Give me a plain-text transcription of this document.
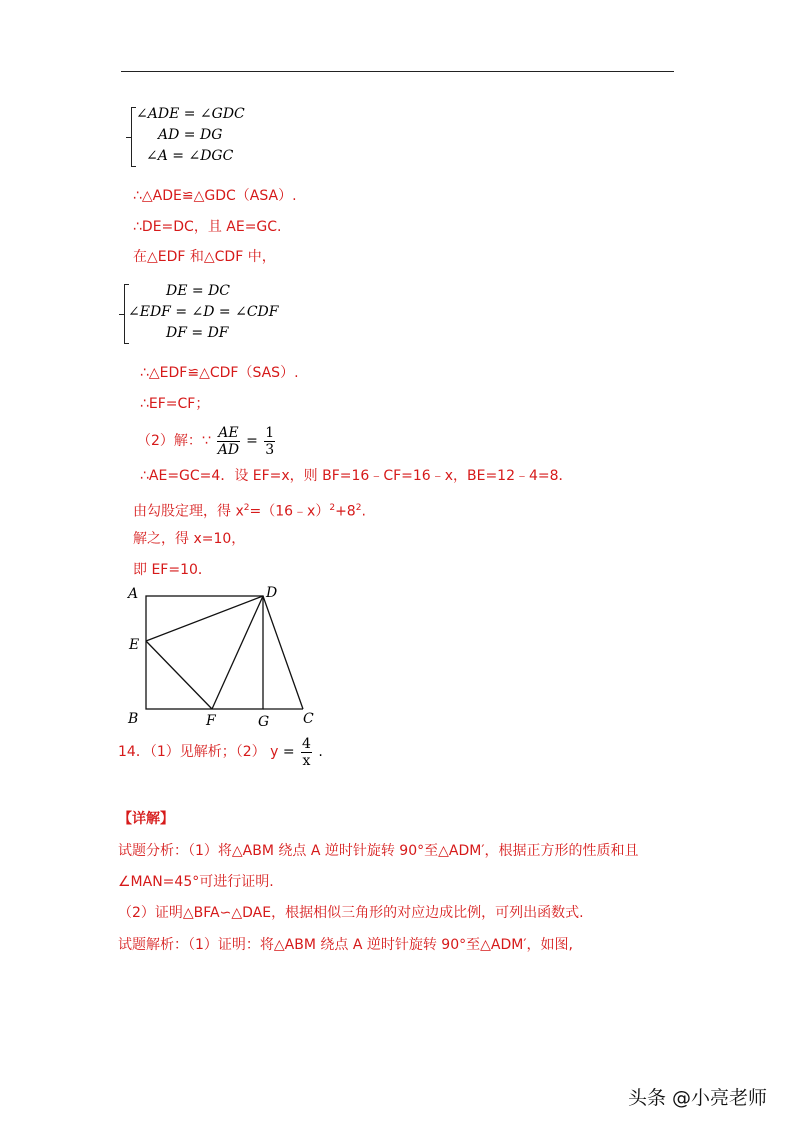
∠ADE = ∠GDC
AD = DG
∠A = ∠DGC
∴△ADE≌△GDC（ASA）.
∴DE=DC，且 AE=GC.
在△EDF 和△CDF 中，
DE = DC
∠EDF = ∠D = ∠CDF
DF = DF
∴△EDF≌△CDF（SAS）.
∴EF=CF；
（2）解：∵ $\frac{AE}{AD} = \frac{1}{3}$
∴AE=GC=4．设 EF=x，则 BF=16﹣CF=16﹣x，BE=12﹣4=8．
由勾股定理，得 $x^2=(16﹣x)^2+8^2$.
解之，得 x=10，
即 EF=10．
A	D
E
B	F	G C
14．（1）见解析；（2） $y = \frac{4}{x}$ .
【详解】
试题分析：（1）将△ABM 绕点 A 逆时针旋转 90°至△ADM′，根据正方形的性质和且
∠MAN=45°可进行证明.
（2）证明△BFA∽△DAE，根据相似三角形的对应边成比例，可列出函数式.
试题解析：（1）证明：将△ABM 绕点 A 逆时针旋转 90°至△ADM′，如图,
头条 @小亮老师
